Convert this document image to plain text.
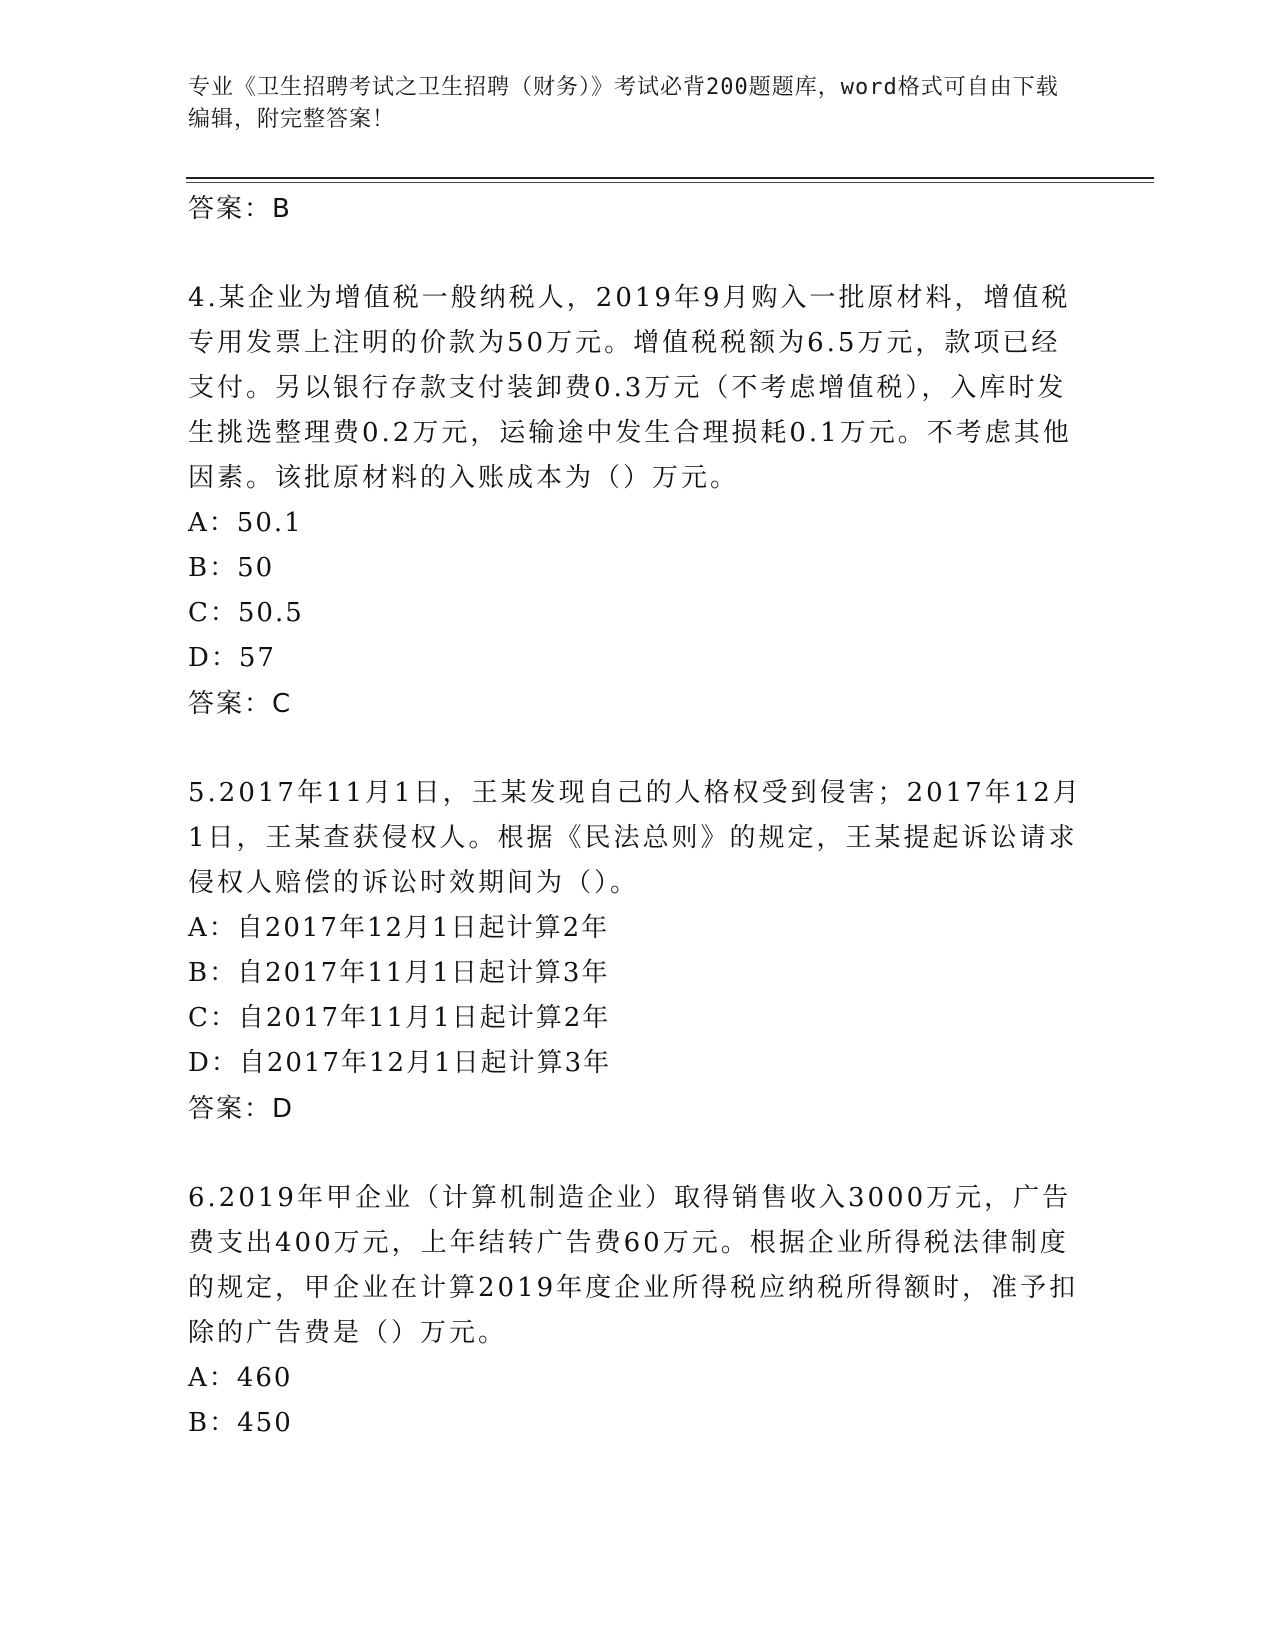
专业《卫生招聘考试之卫生招聘（财务）》考试必背200题题库，word格式可自由下载编辑，附完整答案！

答案：B

4.某企业为增值税一般纳税人，2019年9月购入一批原材料，增值税专用发票上注明的价款为50万元。增值税税额为6.5万元，款项已经支付。另以银行存款支付装卸费0.3万元（不考虑增值税），入库时发生挑选整理费0.2万元，运输途中发生合理损耗0.1万元。不考虑其他因素。该批原材料的入账成本为（）万元。

A：50.1

B：50

C：50.5

D：57

答案：C

5.2017年11月1日，王某发现自己的人格权受到侵害；2017年12月1日，王某查获侵权人。根据《民法总则》的规定，王某提起诉讼请求侵权人赔偿的诉讼时效期间为（）。

A：自2017年12月1日起计算2年

B：自2017年11月1日起计算3年

C：自2017年11月1日起计算2年

D：自2017年12月1日起计算3年

答案：D

6.2019年甲企业（计算机制造企业）取得销售收入3000万元，广告费支出400万元，上年结转广告费60万元。根据企业所得税法律制度的规定，甲企业在计算2019年度企业所得税应纳税所得额时，准予扣除的广告费是（）万元。

A：460

B：450
